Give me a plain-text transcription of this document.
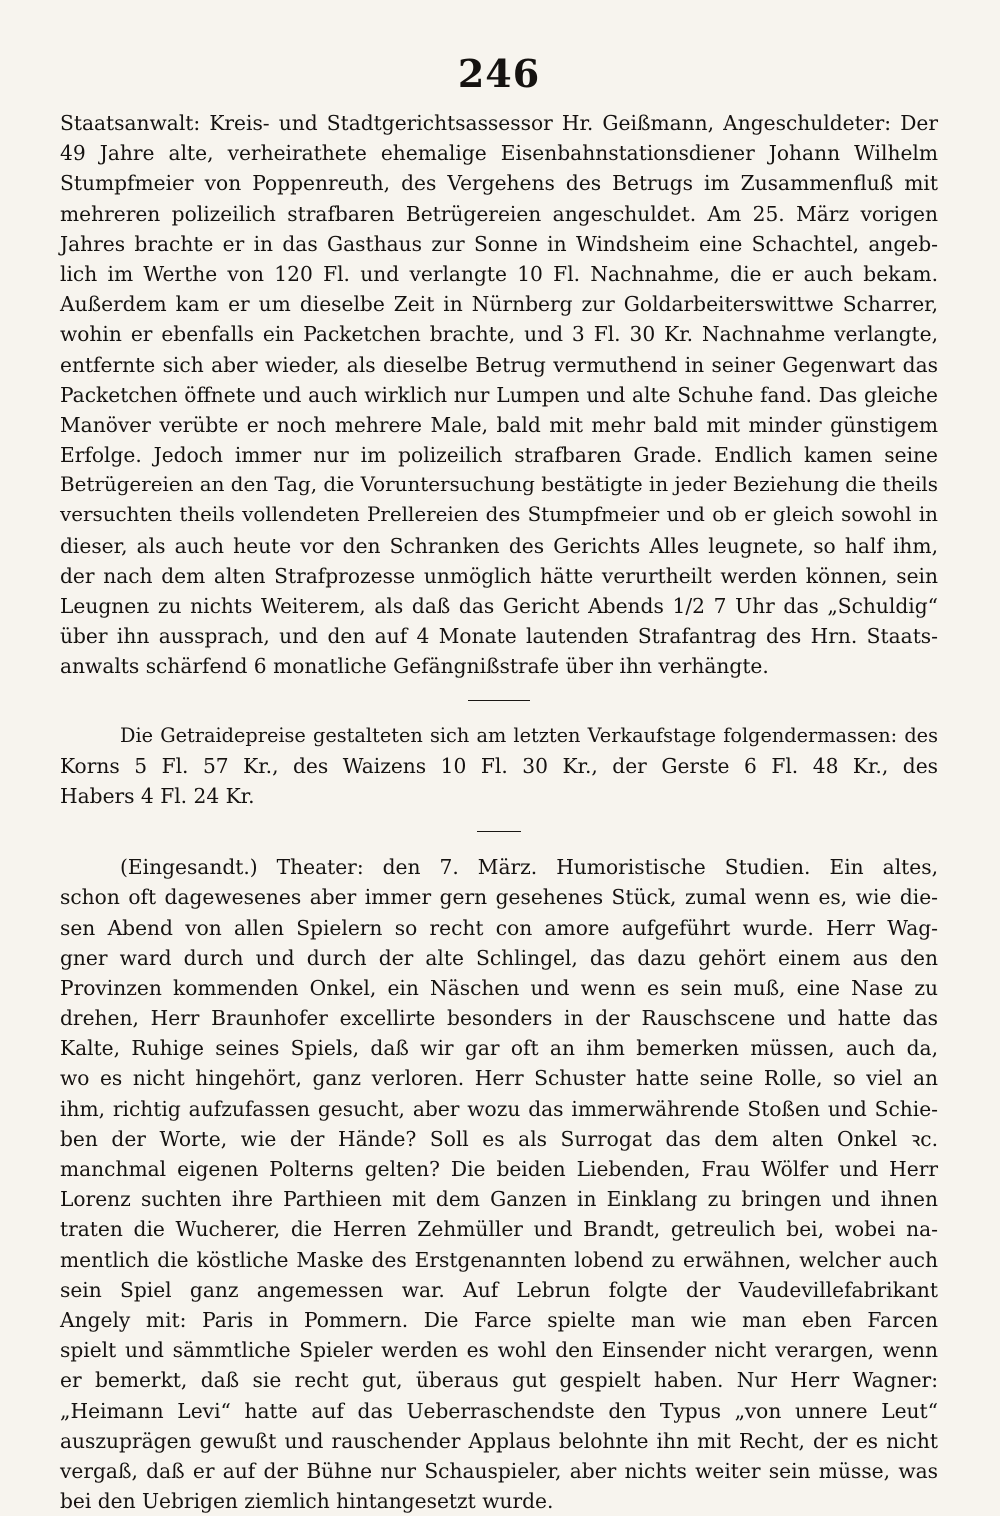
246
Staatsanwalt: Kreis- und Stadtgerichtsassessor Hr. Geißmann, Angeschuldeter: Der
49 Jahre alte, verheirathete ehemalige Eisenbahnstationsdiener Johann Wilhelm
Stumpfmeier von Poppenreuth, des Vergehens des Betrugs im Zusammenfluß mit
mehreren polizeilich strafbaren Betrügereien angeschuldet. Am 25. März vorigen
Jahres brachte er in das Gasthaus zur Sonne in Windsheim eine Schachtel, angeb-
lich im Werthe von 120 Fl. und verlangte 10 Fl. Nachnahme, die er auch bekam.
Außerdem kam er um dieselbe Zeit in Nürnberg zur Goldarbeiterswittwe Scharrer,
wohin er ebenfalls ein Packetchen brachte, und 3 Fl. 30 Kr. Nachnahme verlangte,
entfernte sich aber wieder, als dieselbe Betrug vermuthend in seiner Gegenwart das
Packetchen öffnete und auch wirklich nur Lumpen und alte Schuhe fand. Das gleiche
Manöver verübte er noch mehrere Male, bald mit mehr bald mit minder günstigem
Erfolge. Jedoch immer nur im polizeilich strafbaren Grade. Endlich kamen seine
Betrügereien an den Tag, die Voruntersuchung bestätigte in jeder Beziehung die theils
versuchten theils vollendeten Prellereien des Stumpfmeier und ob er gleich sowohl in
dieser, als auch heute vor den Schranken des Gerichts Alles leugnete, so half ihm,
der nach dem alten Strafprozesse unmöglich hätte verurtheilt werden können, sein
Leugnen zu nichts Weiterem, als daß das Gericht Abends 1/2 7 Uhr das „Schuldig“
über ihn aussprach, und den auf 4 Monate lautenden Strafantrag des Hrn. Staats-
anwalts schärfend 6 monatliche Gefängnißstrafe über ihn verhängte.
Die Getraidepreise gestalteten sich am letzten Verkaufstage folgendermassen: des
Korns 5 Fl. 57 Kr., des Waizens 10 Fl. 30 Kr., der Gerste 6 Fl. 48 Kr., des
Habers 4 Fl. 24 Kr.
(Eingesandt.) Theater: den 7. März. Humoristische Studien. Ein altes,
schon oft dagewesenes aber immer gern gesehenes Stück, zumal wenn es, wie die-
sen Abend von allen Spielern so recht con amore aufgeführt wurde. Herr Wag-
gner ward durch und durch der alte Schlingel, das dazu gehört einem aus den
Provinzen kommenden Onkel, ein Näschen und wenn es sein muß, eine Nase zu
drehen, Herr Braunhofer excellirte besonders in der Rauschscene und hatte das
Kalte, Ruhige seines Spiels, daß wir gar oft an ihm bemerken müssen, auch da,
wo es nicht hingehört, ganz verloren. Herr Schuster hatte seine Rolle, so viel an
ihm, richtig aufzufassen gesucht, aber wozu das immerwährende Stoßen und Schie-
ben der Worte, wie der Hände? Soll es als Surrogat das dem alten Onkel ꝛc.
manchmal eigenen Polterns gelten? Die beiden Liebenden, Frau Wölfer und Herr
Lorenz suchten ihre Parthieen mit dem Ganzen in Einklang zu bringen und ihnen
traten die Wucherer, die Herren Zehmüller und Brandt, getreulich bei, wobei na-
mentlich die köstliche Maske des Erstgenannten lobend zu erwähnen, welcher auch
sein Spiel ganz angemessen war. Auf Lebrun folgte der Vaudevillefabrikant
Angely mit: Paris in Pommern. Die Farce spielte man wie man eben Farcen
spielt und sämmtliche Spieler werden es wohl den Einsender nicht verargen, wenn
er bemerkt, daß sie recht gut, überaus gut gespielt haben. Nur Herr Wagner:
„Heimann Levi“ hatte auf das Ueberraschendste den Typus „von unnere Leut“
auszuprägen gewußt und rauschender Applaus belohnte ihn mit Recht, der es nicht
vergaß, daß er auf der Bühne nur Schauspieler, aber nichts weiter sein müsse, was
bei den Uebrigen ziemlich hintangesetzt wurde.
